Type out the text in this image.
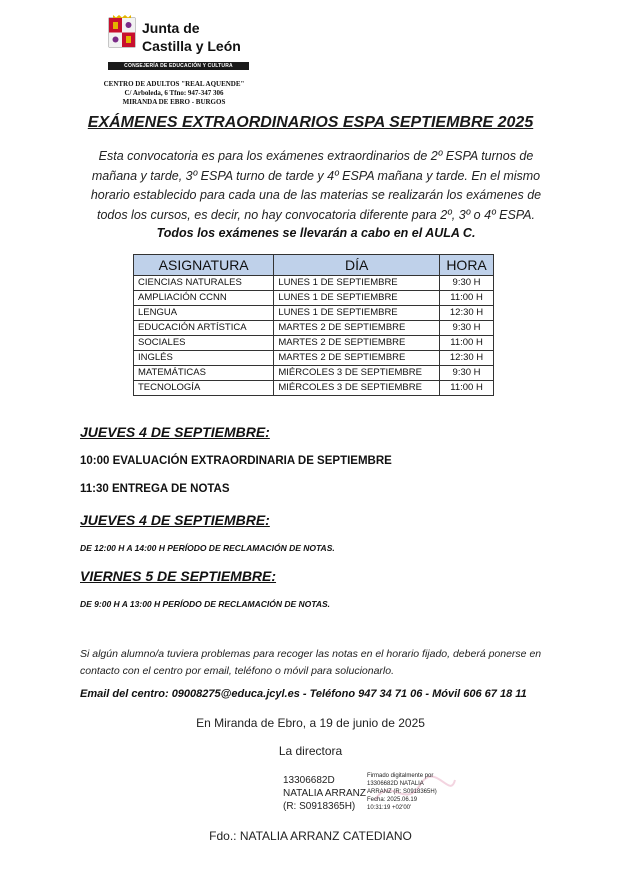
Junta de
Castilla y León
CONSEJERÍA DE EDUCACIÓN Y CULTURA
CENTRO DE ADULTOS "REAL AQUENDE"
C/ Arboleda, 6 Tfno: 947-347 306
MIRANDA DE EBRO - BURGOS
EXÁMENES EXTRAORDINARIOS ESPA SEPTIEMBRE 2025
Esta convocatoria es para los exámenes extraordinarios de 2º ESPA turnos de mañana y tarde, 3º ESPA turno de tarde y 4º ESPA mañana y tarde. En el mismo horario establecido para cada una de las materias se realizarán los exámenes de todos los cursos, es decir, no hay convocatoria diferente para 2º, 3º o 4º ESPA.
Todos los exámenes se llevarán a cabo en el AULA C.
ASIGNATURA	DÍA	HORA
CIENCIAS NATURALES	LUNES 1 DE SEPTIEMBRE	9:30 H
AMPLIACIÓN CCNN	LUNES 1 DE SEPTIEMBRE	11:00 H
LENGUA	LUNES 1 DE SEPTIEMBRE	12:30 H
EDUCACIÓN ARTÍSTICA	MARTES 2 DE SEPTIEMBRE	9:30 H
SOCIALES	MARTES 2 DE SEPTIEMBRE	11:00 H
INGLÉS	MARTES 2 DE SEPTIEMBRE	12:30 H
MATEMÁTICAS	MIÉRCOLES 3 DE SEPTIEMBRE	9:30 H
TECNOLOGÍA	MIÉRCOLES 3 DE SEPTIEMBRE	11:00 H
JUEVES 4 DE SEPTIEMBRE:
10:00 EVALUACIÓN EXTRAORDINARIA DE SEPTIEMBRE
11:30 ENTREGA DE NOTAS
JUEVES 4 DE SEPTIEMBRE:
DE 12:00 H A 14:00 H PERÍODO DE RECLAMACIÓN DE NOTAS.
VIERNES 5 DE SEPTIEMBRE:
DE 9:00 H A 13:00 H PERÍODO DE RECLAMACIÓN DE NOTAS.
Si algún alumno/a tuviera problemas para recoger las notas en el horario fijado, deberá ponerse en contacto con el centro por email, teléfono o móvil para solucionarlo.
Email del centro: 09008275@educa.jcyl.es - Teléfono 947 34 71 06 - Móvil 606 67 18 11
En Miranda de Ebro, a 19 de junio de 2025
La directora
13306682D
NATALIA ARRANZ
(R: S0918365H)
Firmado digitalmente por
13306682D NATALIA
ARRANZ (R: S0918365H)
Fecha: 2025.06.19
10:31:19 +02'00'
Fdo.: NATALIA ARRANZ CATEDIANO
